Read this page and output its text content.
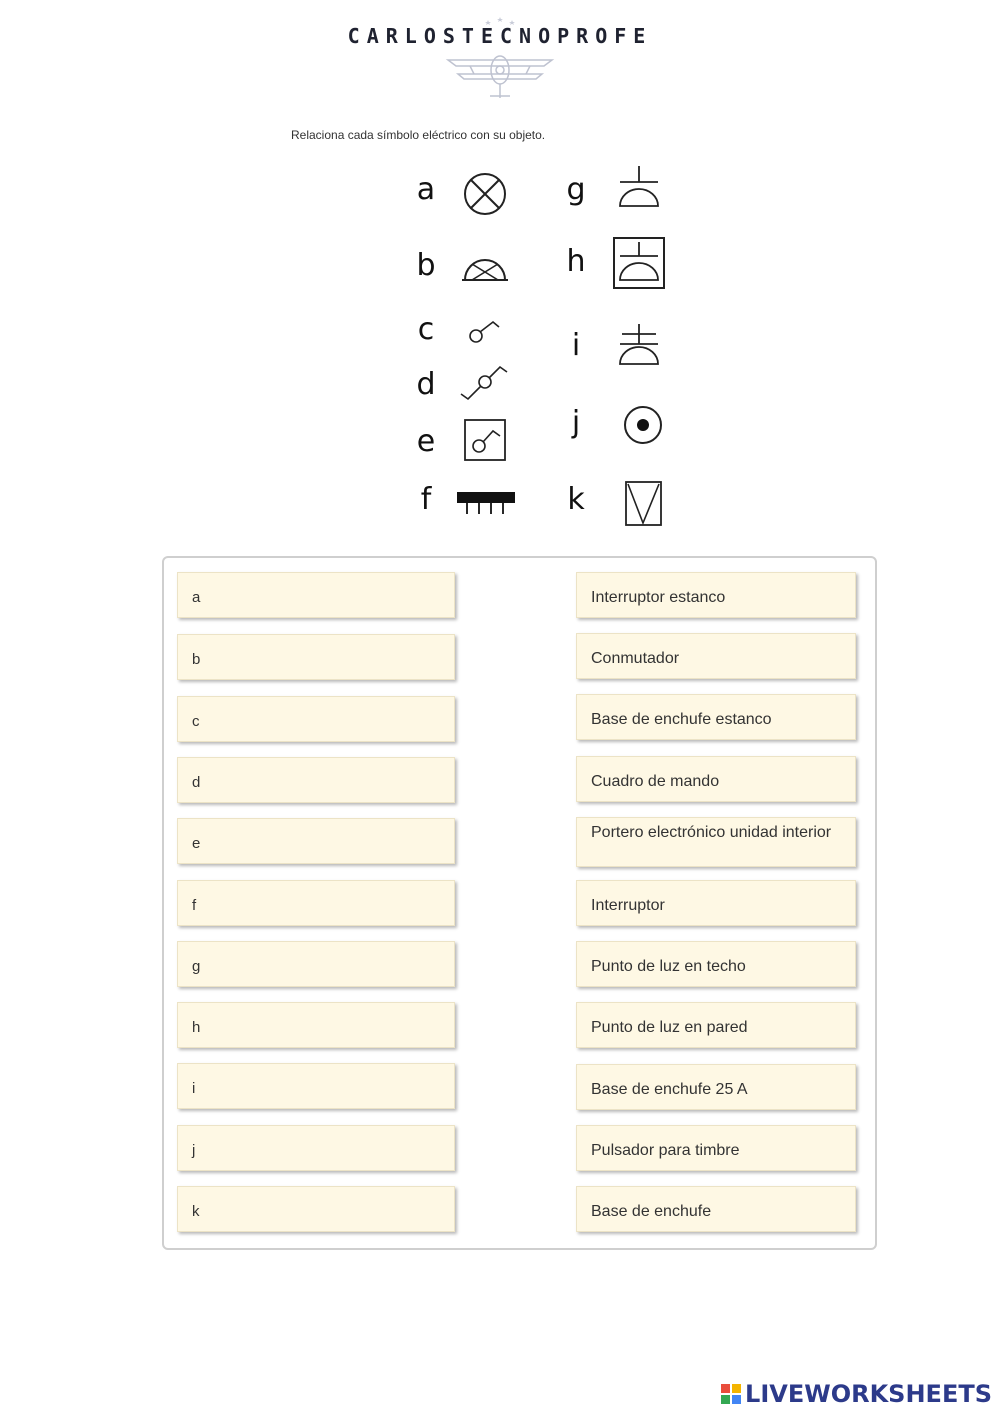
CARLOSTECNOPROFE
Relaciona cada símbolo eléctrico con su objeto.
a
b
c
d
e
f
g
h
i
j
k
a
b
c
d
e
f
g
h
i
j
k
Interruptor estanco
Conmutador
Base de enchufe estanco
Cuadro de mando
Portero electrónico unidad interior
Interruptor
Punto de luz en techo
Punto de luz en pared
Base de enchufe 25 A
Pulsador para timbre
Base de enchufe
LIVEWORKSHEETS
